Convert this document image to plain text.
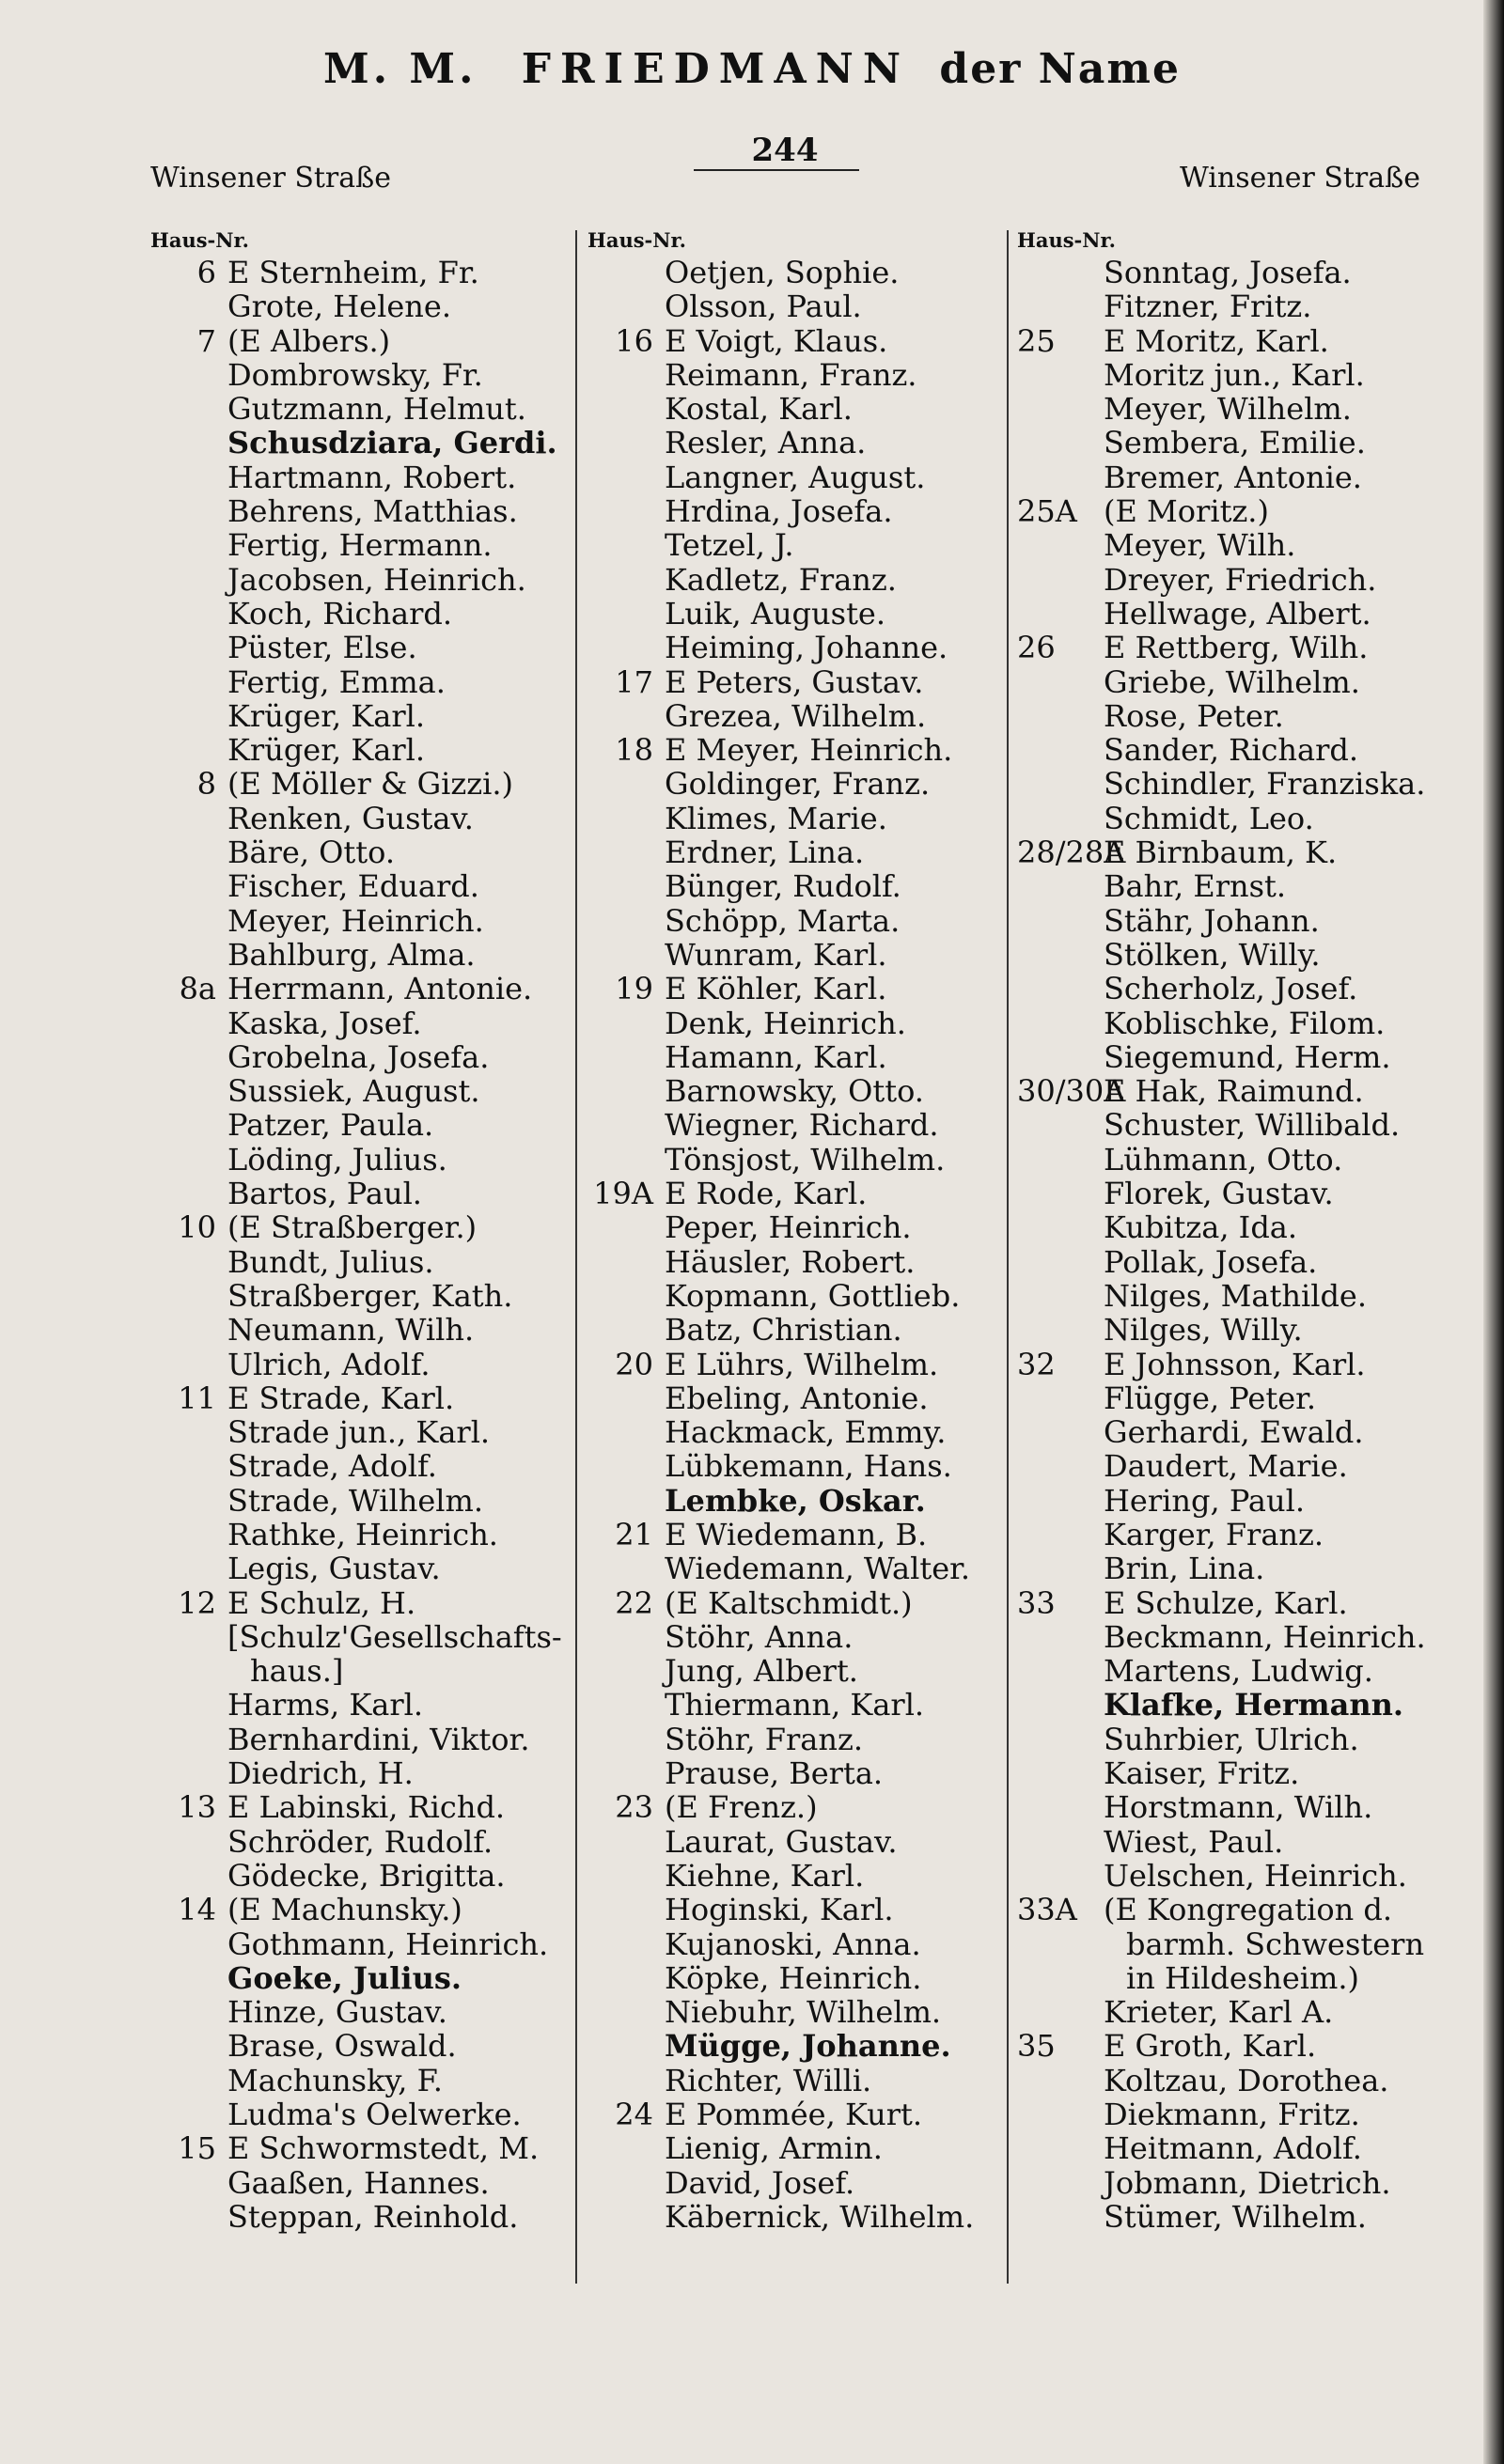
M. M. FRIEDMANN der Name
Winsener Straße
244
Winsener Straße
Haus-Nr.
6 E Sternheim, Fr.
Grote, Helene.
7 (E Albers.)
Dombrowsky, Fr.
Gutzmann, Helmut.
Schusdziara, Gerdi.
Hartmann, Robert.
Behrens, Matthias.
Fertig, Hermann.
Jacobsen, Heinrich.
Koch, Richard.
Püster, Else.
Fertig, Emma.
Krüger, Karl.
Krüger, Karl.
8 (E Möller & Gizzi.)
Renken, Gustav.
Bäre, Otto.
Fischer, Eduard.
Meyer, Heinrich.
Bahlburg, Alma.
8a Herrmann, Antonie.
Kaska, Josef.
Grobelna, Josefa.
Sussiek, August.
Patzer, Paula.
Löding, Julius.
Bartos, Paul.
10 (E Straßberger.)
Bundt, Julius.
Straßberger, Kath.
Neumann, Wilh.
Ulrich, Adolf.
11 E Strade, Karl.
Strade jun., Karl.
Strade, Adolf.
Strade, Wilhelm.
Rathke, Heinrich.
Legis, Gustav.
12 E Schulz, H.
[Schulz'Gesellschafts-
haus.]
Harms, Karl.
Bernhardini, Viktor.
Diedrich, H.
13 E Labinski, Richd.
Schröder, Rudolf.
Gödecke, Brigitta.
14 (E Machunsky.)
Gothmann, Heinrich.
Goeke, Julius.
Hinze, Gustav.
Brase, Oswald.
Machunsky, F.
Ludma's Oelwerke.
15 E Schwormstedt, M.
Gaaßen, Hannes.
Steppan, Reinhold.
Haus-Nr.
Oetjen, Sophie.
Olsson, Paul.
16 E Voigt, Klaus.
Reimann, Franz.
Kostal, Karl.
Resler, Anna.
Langner, August.
Hrdina, Josefa.
Tetzel, J.
Kadletz, Franz.
Luik, Auguste.
Heiming, Johanne.
17 E Peters, Gustav.
Grezea, Wilhelm.
18 E Meyer, Heinrich.
Goldinger, Franz.
Klimes, Marie.
Erdner, Lina.
Bünger, Rudolf.
Schöpp, Marta.
Wunram, Karl.
19 E Köhler, Karl.
Denk, Heinrich.
Hamann, Karl.
Barnowsky, Otto.
Wiegner, Richard.
Tönsjost, Wilhelm.
19A E Rode, Karl.
Peper, Heinrich.
Häusler, Robert.
Kopmann, Gottlieb.
Batz, Christian.
20 E Lührs, Wilhelm.
Ebeling, Antonie.
Hackmack, Emmy.
Lübkemann, Hans.
Lembke, Oskar.
21 E Wiedemann, B.
Wiedemann, Walter.
22 (E Kaltschmidt.)
Stöhr, Anna.
Jung, Albert.
Thiermann, Karl.
Stöhr, Franz.
Prause, Berta.
23 (E Frenz.)
Laurat, Gustav.
Kiehne, Karl.
Hoginski, Karl.
Kujanoski, Anna.
Köpke, Heinrich.
Niebuhr, Wilhelm.
Mügge, Johanne.
Richter, Willi.
24 E Pommée, Kurt.
Lienig, Armin.
David, Josef.
Käbernick, Wilhelm.
Haus-Nr.
Sonntag, Josefa.
Fitzner, Fritz.
25 E Moritz, Karl.
Moritz jun., Karl.
Meyer, Wilhelm.
Sembera, Emilie.
Bremer, Antonie.
25A (E Moritz.)
Meyer, Wilh.
Dreyer, Friedrich.
Hellwage, Albert.
26 E Rettberg, Wilh.
Griebe, Wilhelm.
Rose, Peter.
Sander, Richard.
Schindler, Franziska.
Schmidt, Leo.
28/28AE Birnbaum, K.
Bahr, Ernst.
Stähr, Johann.
Stölken, Willy.
Scherholz, Josef.
Koblischke, Filom.
Siegemund, Herm.
30/30AE Hak, Raimund.
Schuster, Willibald.
Lühmann, Otto.
Florek, Gustav.
Kubitza, Ida.
Pollak, Josefa.
Nilges, Mathilde.
Nilges, Willy.
32 E Johnsson, Karl.
Flügge, Peter.
Gerhardi, Ewald.
Daudert, Marie.
Hering, Paul.
Karger, Franz.
Brin, Lina.
33 E Schulze, Karl.
Beckmann, Heinrich.
Martens, Ludwig.
Klafke, Hermann.
Suhrbier, Ulrich.
Kaiser, Fritz.
Horstmann, Wilh.
Wiest, Paul.
Uelschen, Heinrich.
33A (E Kongregation d.
barmh. Schwestern
in Hildesheim.)
Krieter, Karl A.
35 E Groth, Karl.
Koltzau, Dorothea.
Diekmann, Fritz.
Heitmann, Adolf.
Jobmann, Dietrich.
Stümer, Wilhelm.
